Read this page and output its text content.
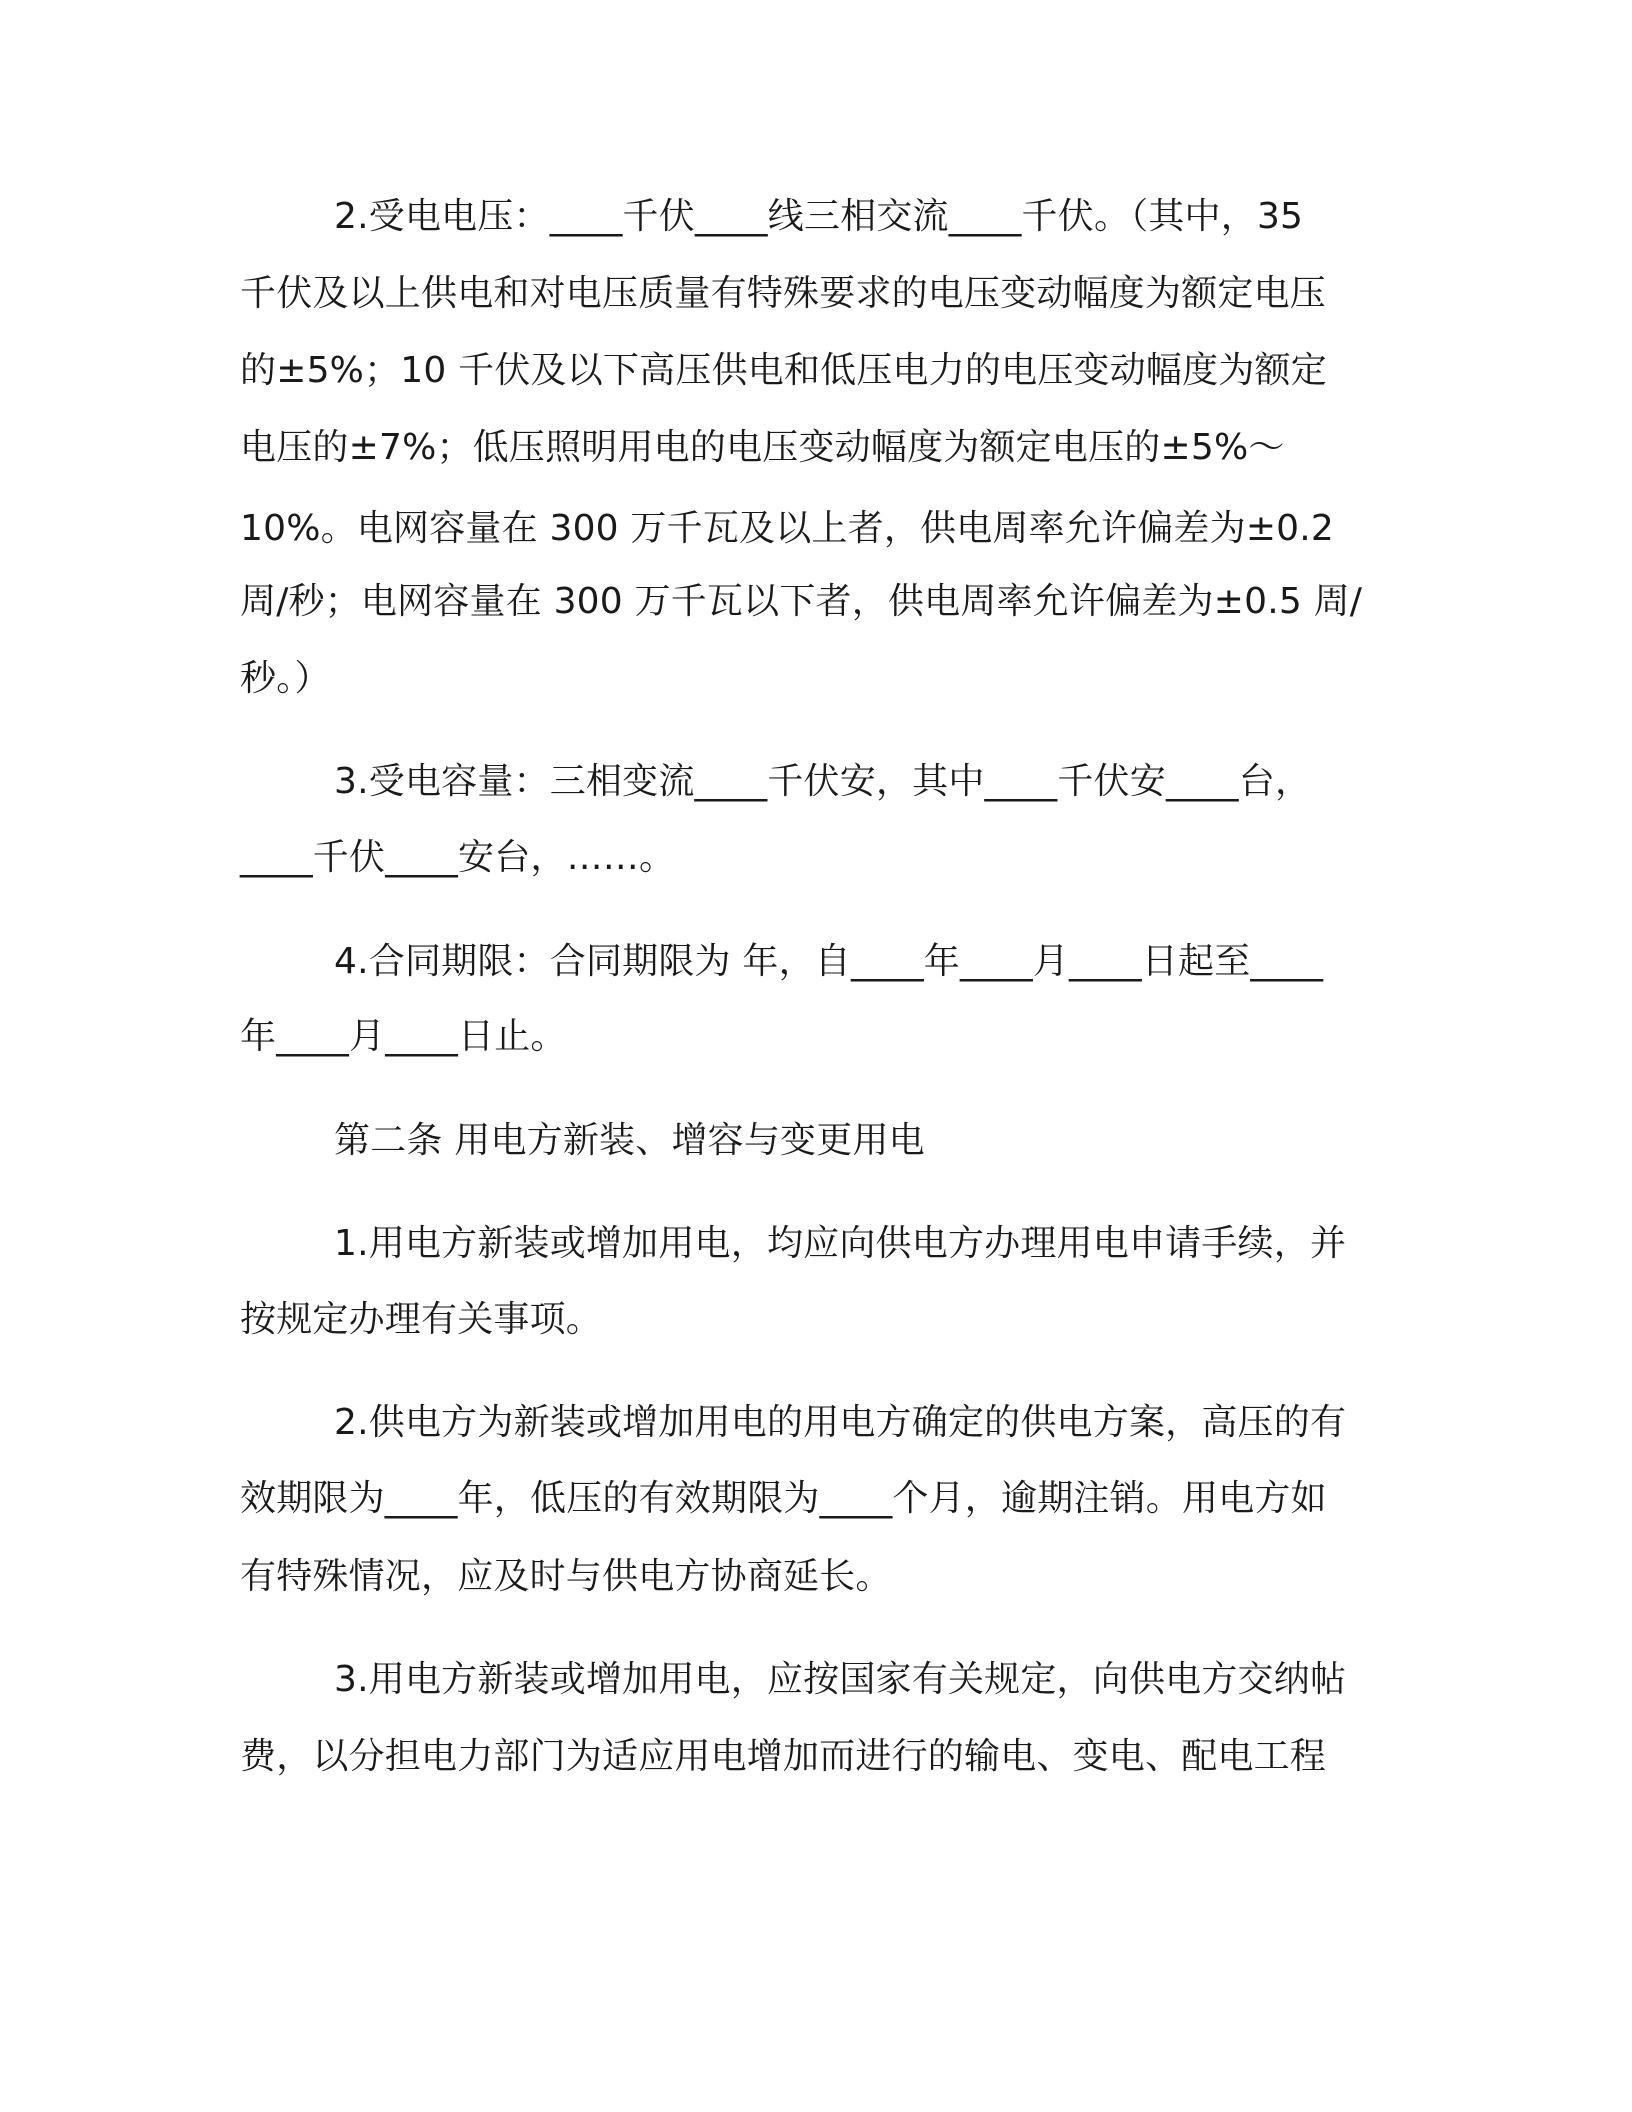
2.受电电压：____千伏____线三相交流____千伏。（其中，35
千伏及以上供电和对电压质量有特殊要求的电压变动幅度为额定电压
的±5%；10 千伏及以下高压供电和低压电力的电压变动幅度为额定
电压的±7%；低压照明用电的电压变动幅度为额定电压的±5%～
10%。电网容量在 300 万千瓦及以上者，供电周率允许偏差为±0.2
周/秒；电网容量在 300 万千瓦以下者，供电周率允许偏差为±0.5 周/
秒。）
3.受电容量：三相变流____千伏安，其中____千伏安____台，
____千伏____安台，……。
4.合同期限：合同期限为 年，自____年____月____日起至____
年____月____日止。
第二条 用电方新装、增容与变更用电
1.用电方新装或增加用电，均应向供电方办理用电申请手续，并
按规定办理有关事项。
2.供电方为新装或增加用电的用电方确定的供电方案，高压的有
效期限为____年，低压的有效期限为____个月，逾期注销。用电方如
有特殊情况，应及时与供电方协商延长。
3.用电方新装或增加用电，应按国家有关规定，向供电方交纳帖
费，以分担电力部门为适应用电增加而进行的输电、变电、配电工程
